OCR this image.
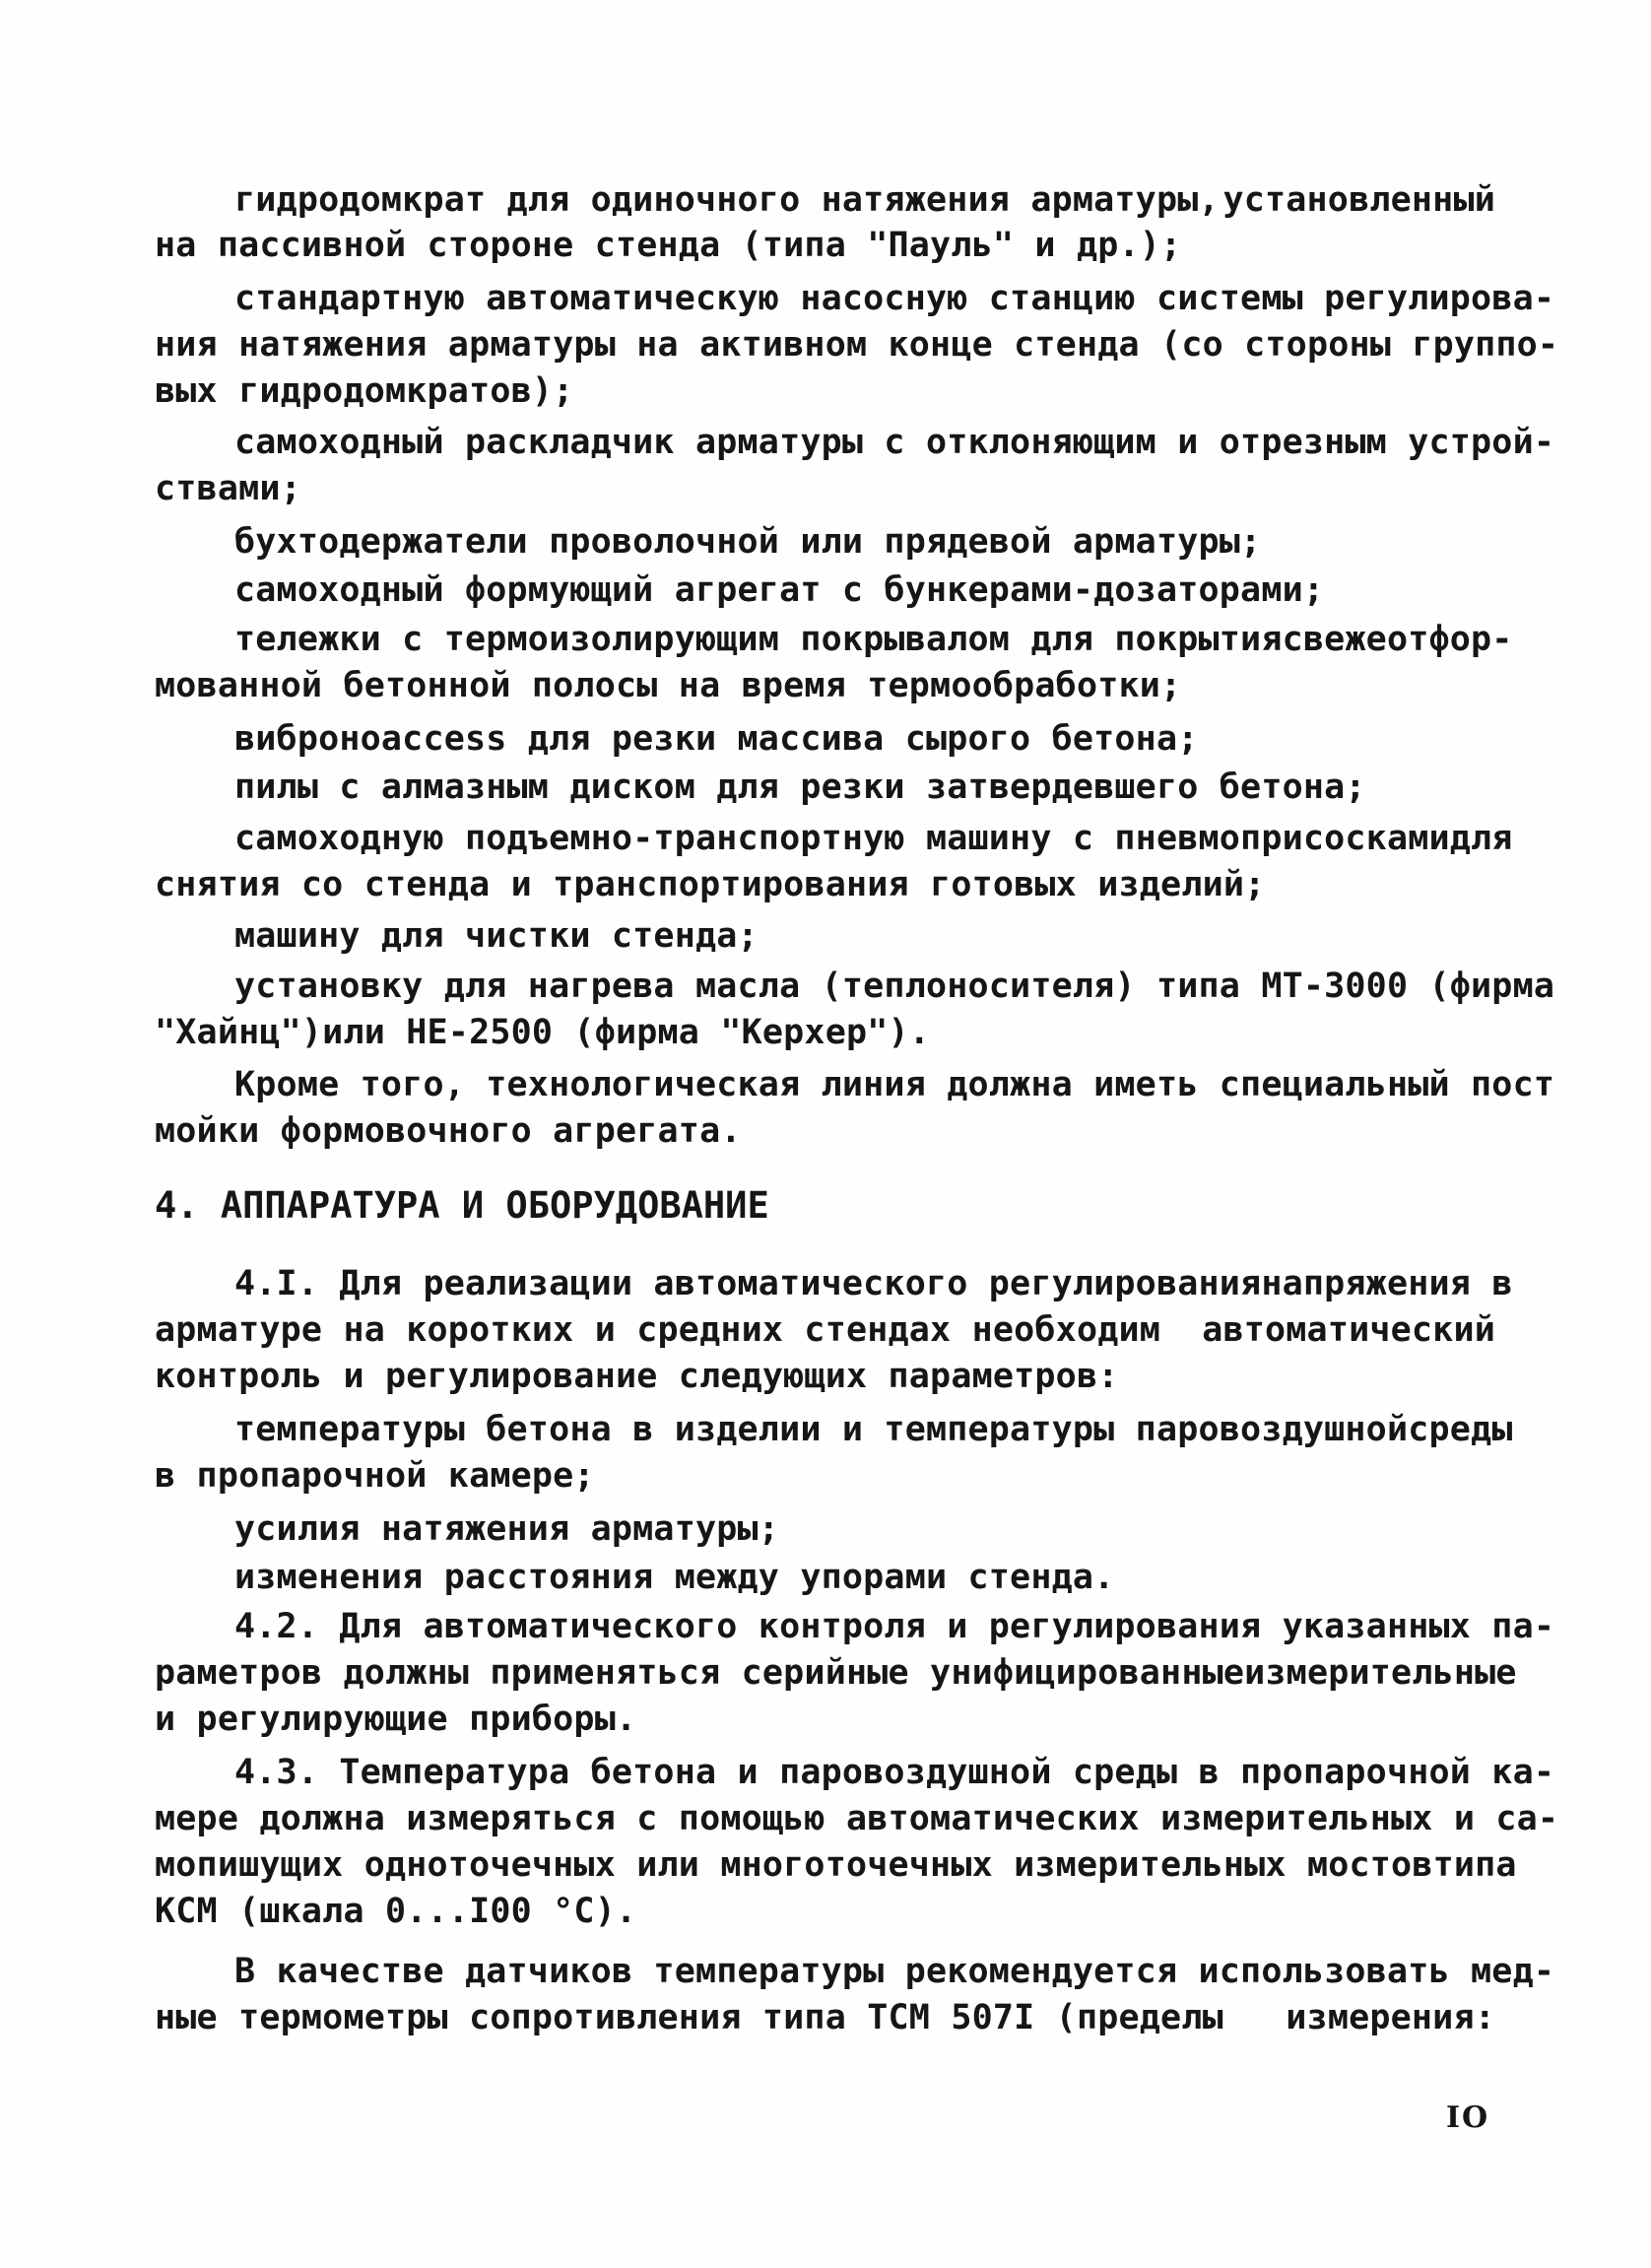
гидродомкрат для одиночного натяжения арматуры, установленный
на пассивной стороне стенда (типа "Пауль" и др.);
стандартную автоматическую насосную станцию системы регулирова-
ния натяжения арматуры на активном конце стенда (со стороны группо-
вых гидродомкратов);
самоходный раскладчик арматуры с отклоняющим и отрезным устрой-
ствами;
бухтодержатели проволочной или прядевой арматуры;
самоходный формующий агрегат с бункерами-дозаторами;
тележки с термоизолирующим покрывалом для покрытия свежеотфор-
мованной бетонной полосы на время термообработки;
виброноaccess для резки массива сырого бетона;
пилы с алмазным диском для резки затвердевшего бетона;
самоходную подъемно-транспортную машину с пневмоприсосками для
снятия со стенда и транспортирования готовых изделий;
машину для чистки стенда;
установку для нагрева масла (теплоносителя) типа МТ-3000 (фирма
"Хайнц")или НЕ-2500 (фирма "Керхер").
Кроме того, технологическая линия должна иметь специальный пост
мойки формовочного агрегата.
4. АППАРАТУРА И ОБОРУДОВАНИЕ
4.I. Для реализации автоматического регулирования напряжения в
арматуре на коротких и средних стендах необходим автоматический
контроль и регулирование следующих параметров:
температуры бетона в изделии и температуры паровоздушной среды
в пропарочной камере;
усилия натяжения арматуры;
изменения расстояния между упорами стенда.
4.2. Для автоматического контроля и регулирования указанных па-
раметров должны применяться серийные унифицированные измерительные
и регулирующие приборы.
4.3. Температура бетона и паровоздушной среды в пропарочной ка-
мере должна измеряться с помощью автоматических измерительных и са-
мопишущих одноточечных или многоточечных измерительных мостов типа
КСМ (шкала 0...I00 °С).
В качестве датчиков температуры рекомендуется использовать мед-
ные термометры сопротивления типа ТСМ 507I (пределы измерения:
IO
